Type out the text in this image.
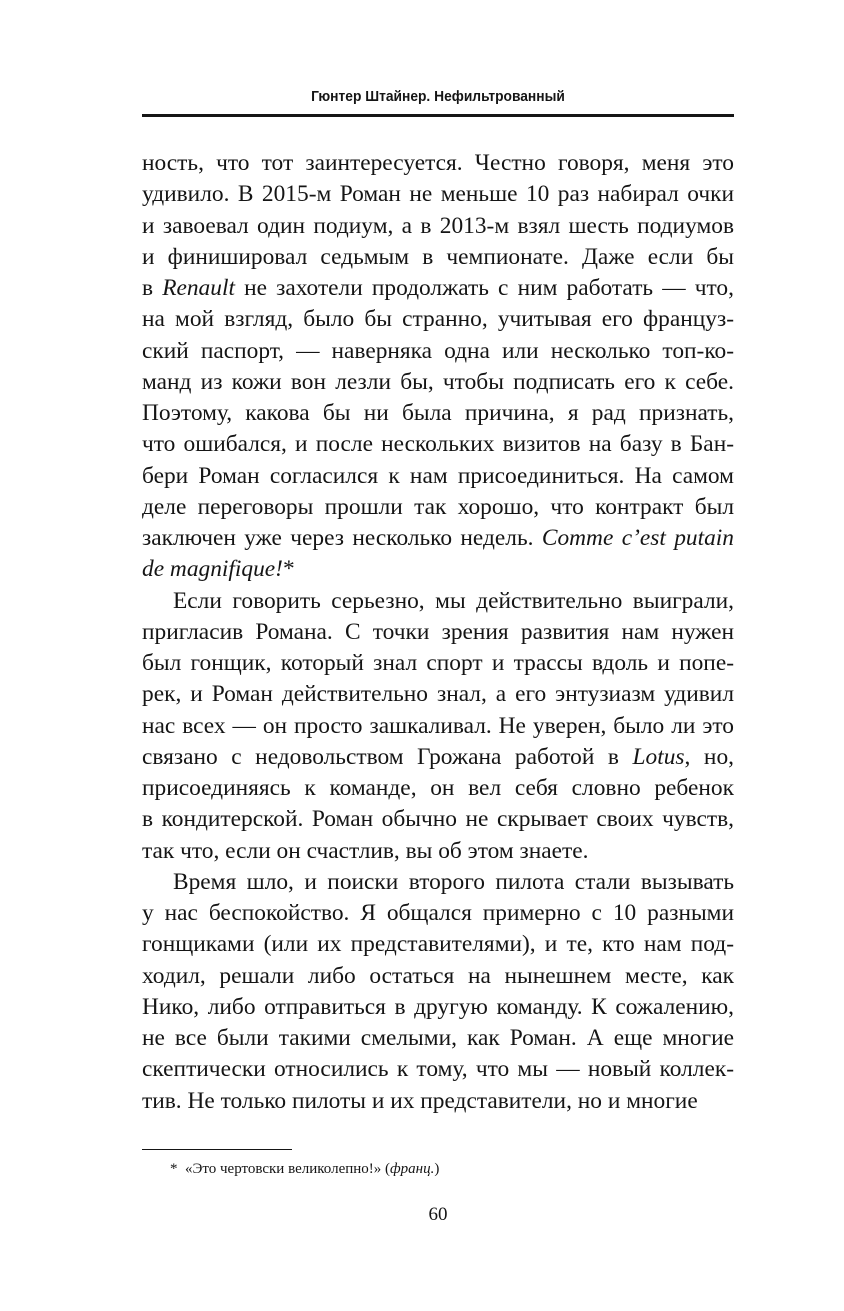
Гюнтер Штайнер. Нефильтрованный
ность, что тот заинтересуется. Честно говоря, меня это
удивило. В 2015-м Роман не меньше 10 раз набирал очки
и завоевал один подиум, а в 2013-м взял шесть подиумов
и финишировал седьмым в чемпионате. Даже если бы
в Renault не захотели продолжать с ним работать — что,
на мой взгляд, было бы странно, учитывая его француз-
ский паспорт, — наверняка одна или несколько топ-ко-
манд из кожи вон лезли бы, чтобы подписать его к себе.
Поэтому, какова бы ни была причина, я рад признать,
что ошибался, и после нескольких визитов на базу в Бан-
бери Роман согласился к нам присоединиться. На самом
деле переговоры прошли так хорошо, что контракт был
заключен уже через несколько недель. Comme c’est putain
de magnifique!*
Если говорить серьезно, мы действительно выиграли,
пригласив Романа. С точки зрения развития нам нужен
был гонщик, который знал спорт и трассы вдоль и попе-
рек, и Роман действительно знал, а его энтузиазм удивил
нас всех — он просто зашкаливал. Не уверен, было ли это
связано с недовольством Грожана работой в Lotus, но,
присоединяясь к команде, он вел себя словно ребенок
в кондитерской. Роман обычно не скрывает своих чувств,
так что, если он счастлив, вы об этом знаете.
Время шло, и поиски второго пилота стали вызывать
у нас беспокойство. Я общался примерно с 10 разными
гонщиками (или их представителями), и те, кто нам под-
ходил, решали либо остаться на нынешнем месте, как
Нико, либо отправиться в другую команду. К сожалению,
не все были такими смелыми, как Роман. А еще многие
скептически относились к тому, что мы — новый коллек-
тив. Не только пилоты и их представители, но и многие
* «Это чертовски великолепно!» (франц.)
60
